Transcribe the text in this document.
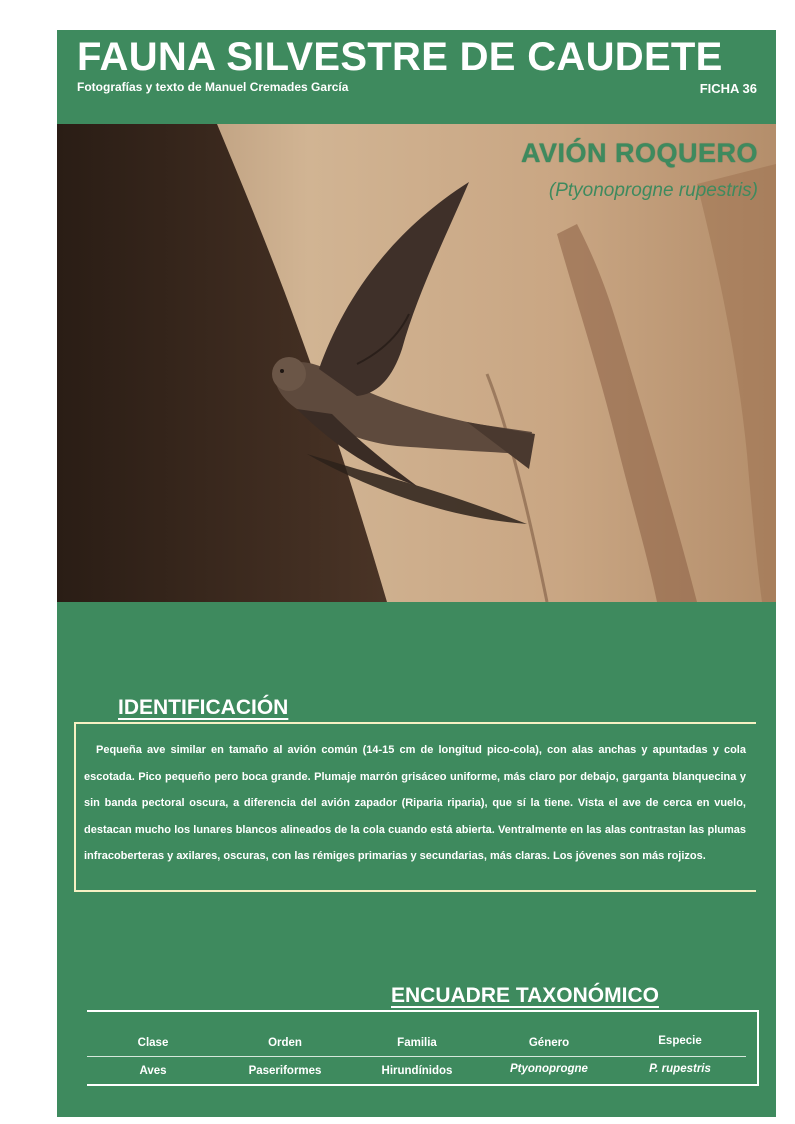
FAUNA SILVESTRE DE CAUDETE
Fotografías y texto de Manuel Cremades García	FICHA 36
AVIÓN ROQUERO
(Ptyonoprogne rupestris)
IDENTIFICACIÓN
Pequeña ave similar en tamaño al avión común (14-15 cm de longitud pico-cola), con alas anchas y apuntadas y cola escotada. Pico pequeño pero boca grande. Plumaje marrón grisáceo uniforme, más claro por debajo, garganta blanquecina y sin banda pectoral oscura, a diferencia del avión zapador (Riparia riparia), que sí la tiene. Vista el ave de cerca en vuelo, destacan mucho los lunares blancos alineados de la cola cuando está abierta. Ventralmente en las alas contrastan las plumas infracoberteras y axilares, oscuras, con las rémiges primarias y secundarias, más claras. Los jóvenes son más rojizos.
ENCUADRE TAXONÓMICO
Clase	Orden	Familia	Género	Especie
Aves	Paseriformes	Hirundínidos	Ptyonoprogne	P. rupestris
